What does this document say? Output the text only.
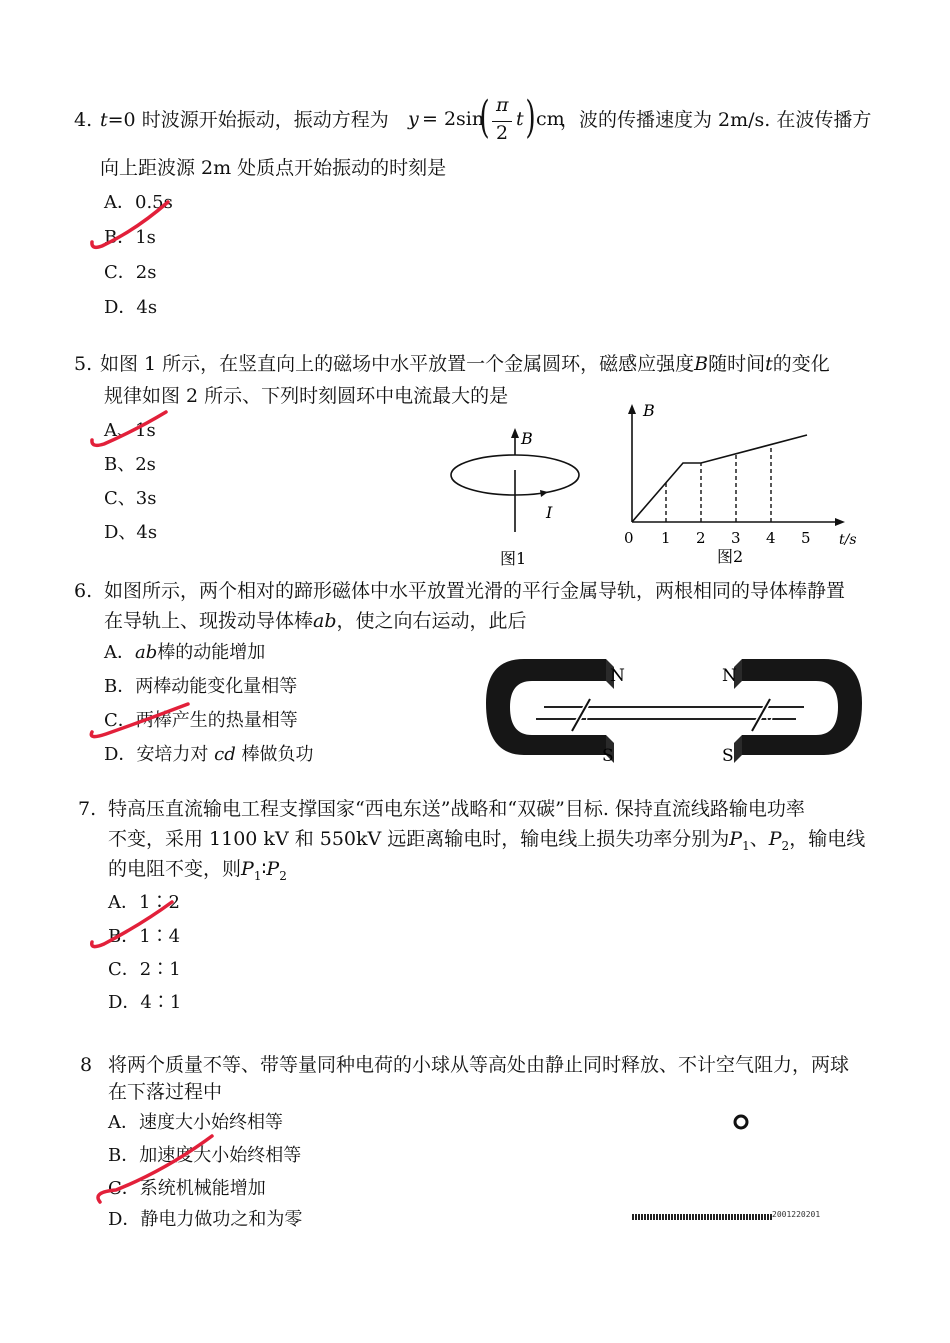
4. t=0 时波源开始振动，振动方程为 y = 2sin
( π
2
t ) cm
，波的传播速度为 2m/s. 在波传播方
向上距波源 2m 处质点开始振动的时刻是
A．0.5s
B．1s
C．2s
D．4s
5. 如图 1 所示，在竖直向上的磁场中水平放置一个金属圆环，磁感应强度B随时间t的变化
规律如图 2 所示、下列时刻圆环中电流最大的是
A、1s
B、2s
C、3s
D、4s
B
I
图1
B
0 1 2 3 4 5 t/s
图2
6. 如图所示，两个相对的蹄形磁体中水平放置光滑的平行金属导轨，两根相同的导体棒静置
在导轨上、现拨动导体棒ab，使之向右运动，此后
A．ab棒的动能增加
B．两棒动能变化量相等
C．两棒产生的热量相等
D．安培力对 cd 棒做负功
b	d
N	N
S	S
7. 特高压直流输电工程支撑国家“西电东送”战略和“双碳”目标. 保持直流线路输电功率
不变，采用 1100 kV 和 550kV 远距离输电时，输电线上损失功率分别为$P_1$、$P_2$，输电线
的电阻不变，则$P_1∶P_2$
A．1∶2
B．1∶4
C．2∶1
D．4∶1
8 将两个质量不等、带等量同种电荷的小球从等高处由静止同时释放、不计空气阻力，两球
在下落过程中
A．速度大小始终相等
B．加速度大小始终相等
C．系统机械能增加
D．静电力做功之和为零	2001220201
